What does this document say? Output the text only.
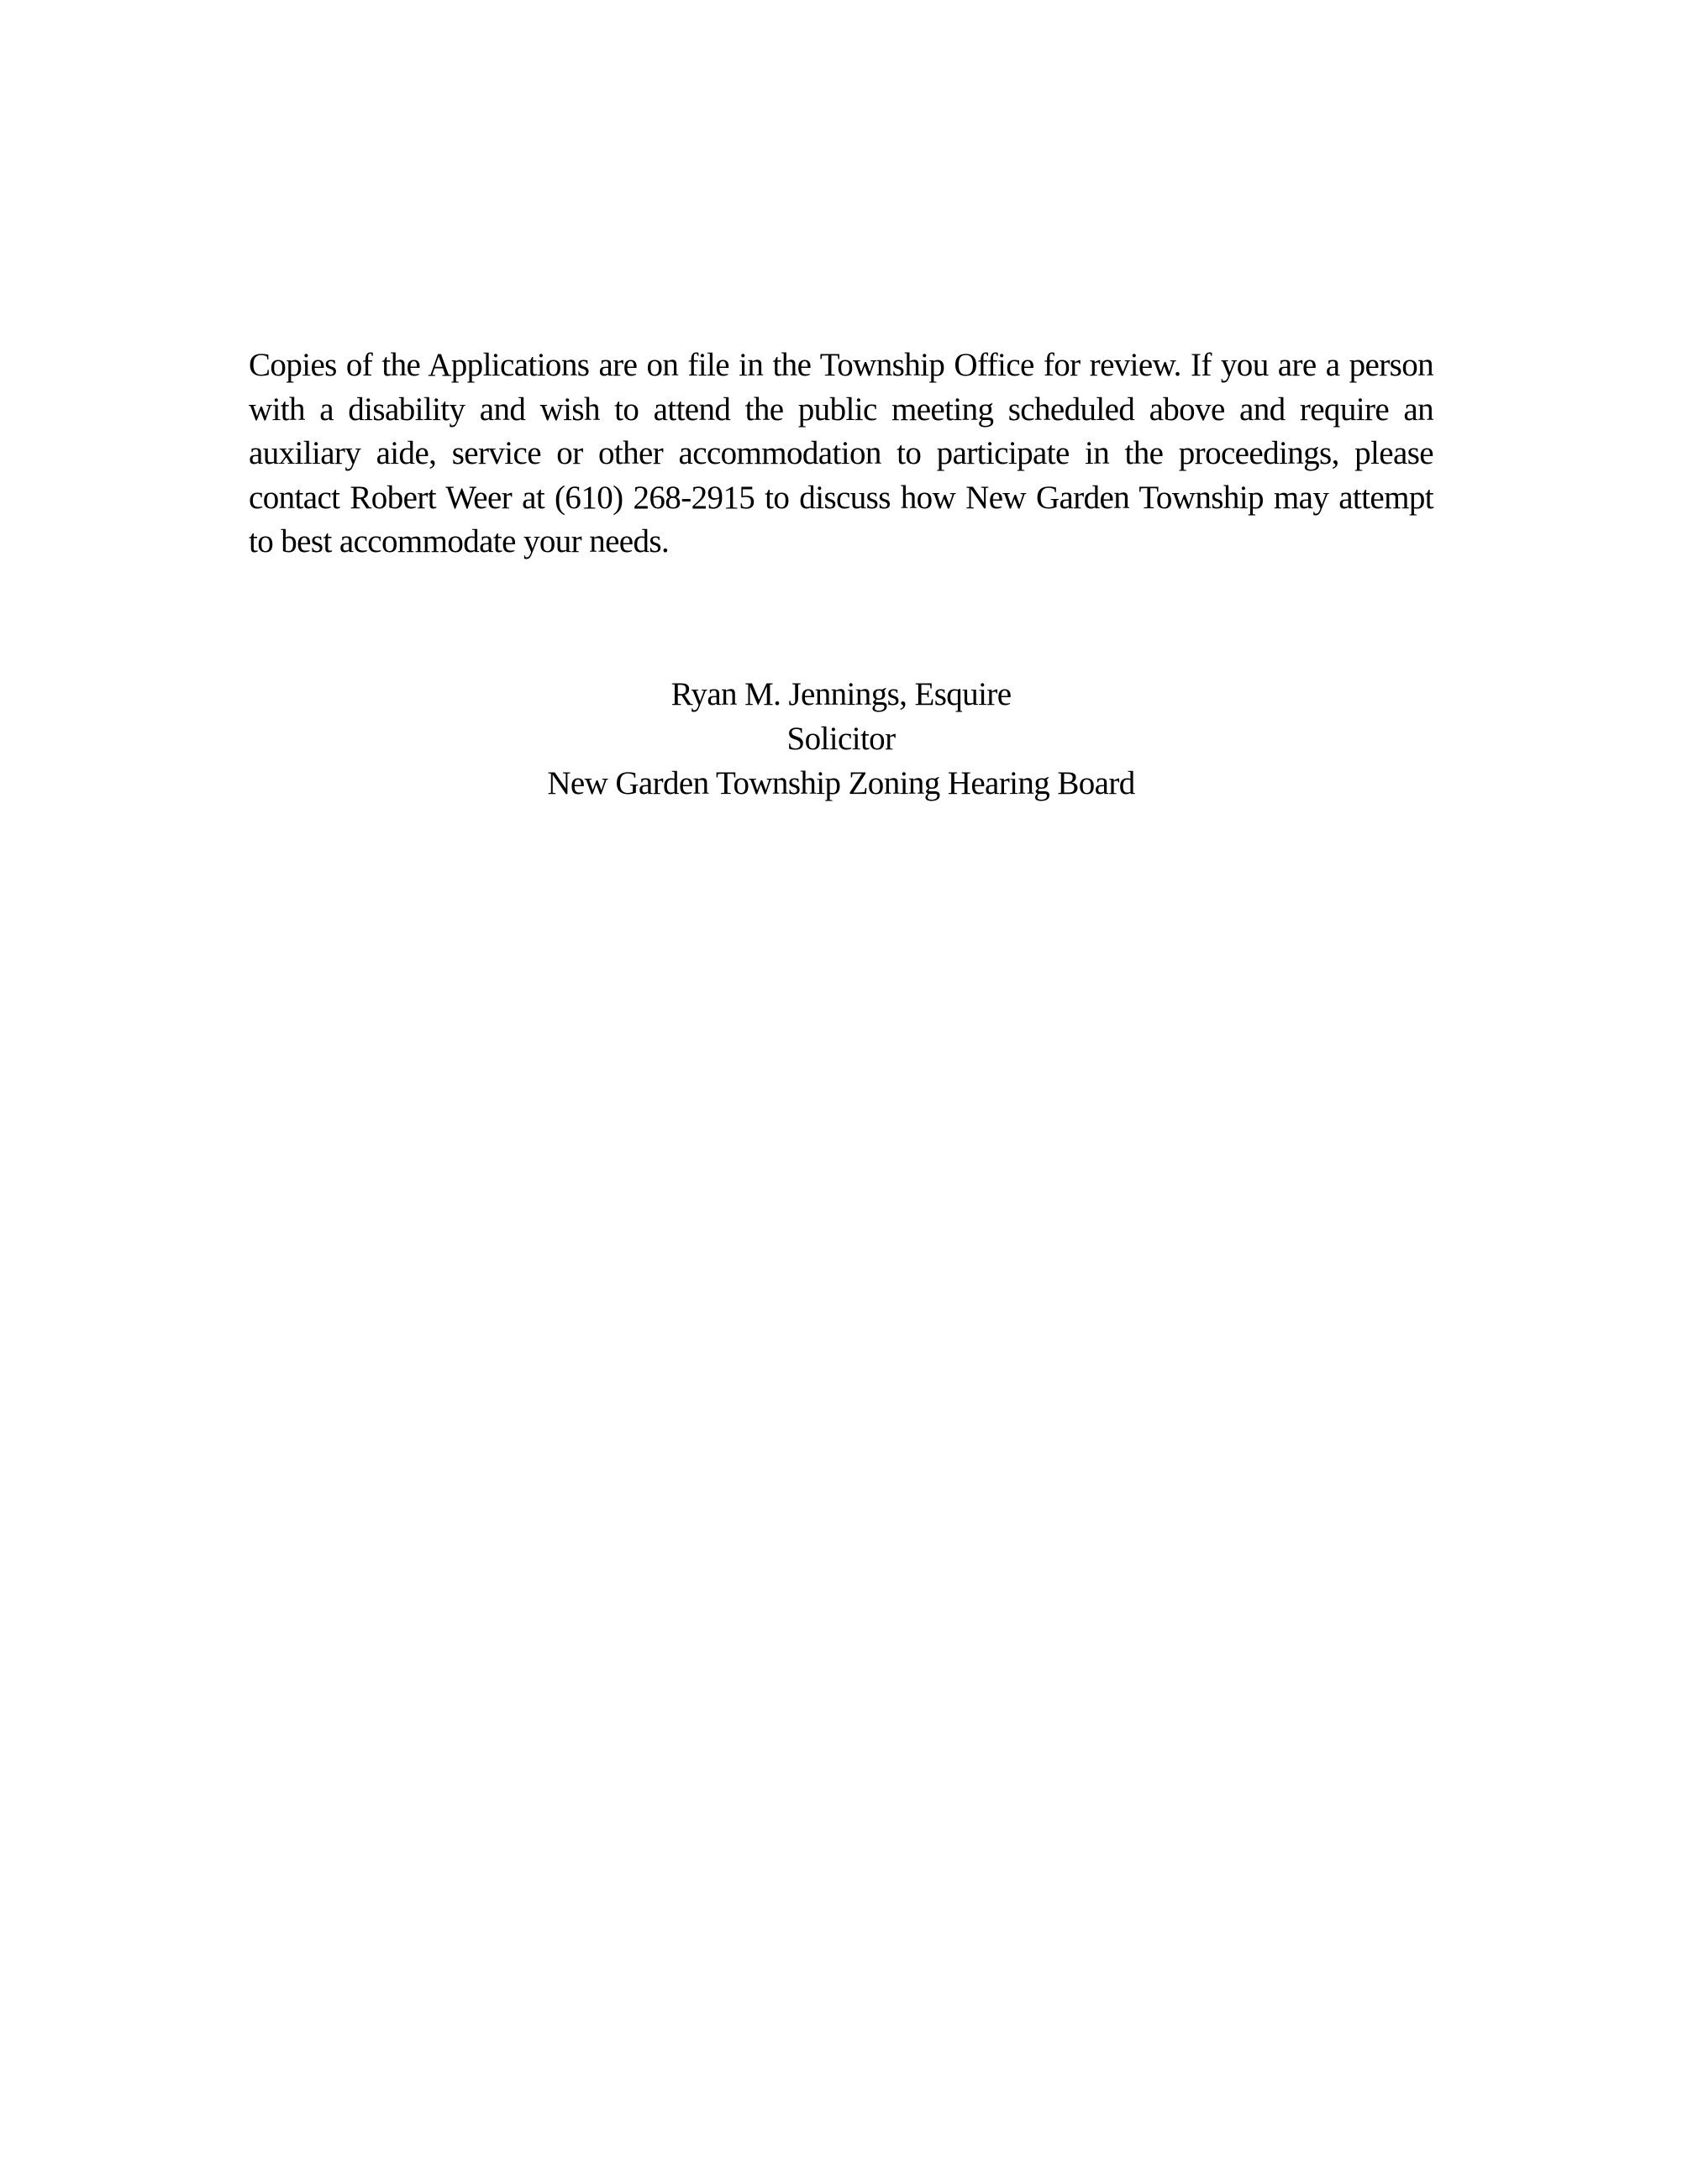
Copies of the Applications are on file in the Township Office for review. If you are a person with a disability and wish to attend the public meeting scheduled above and require an auxiliary aide, service or other accommodation to participate in the proceedings, please contact Robert Weer at (610) 268-2915 to discuss how New Garden Township may attempt to best accommodate your needs.

Ryan M. Jennings, Esquire
Solicitor
New Garden Township Zoning Hearing Board
